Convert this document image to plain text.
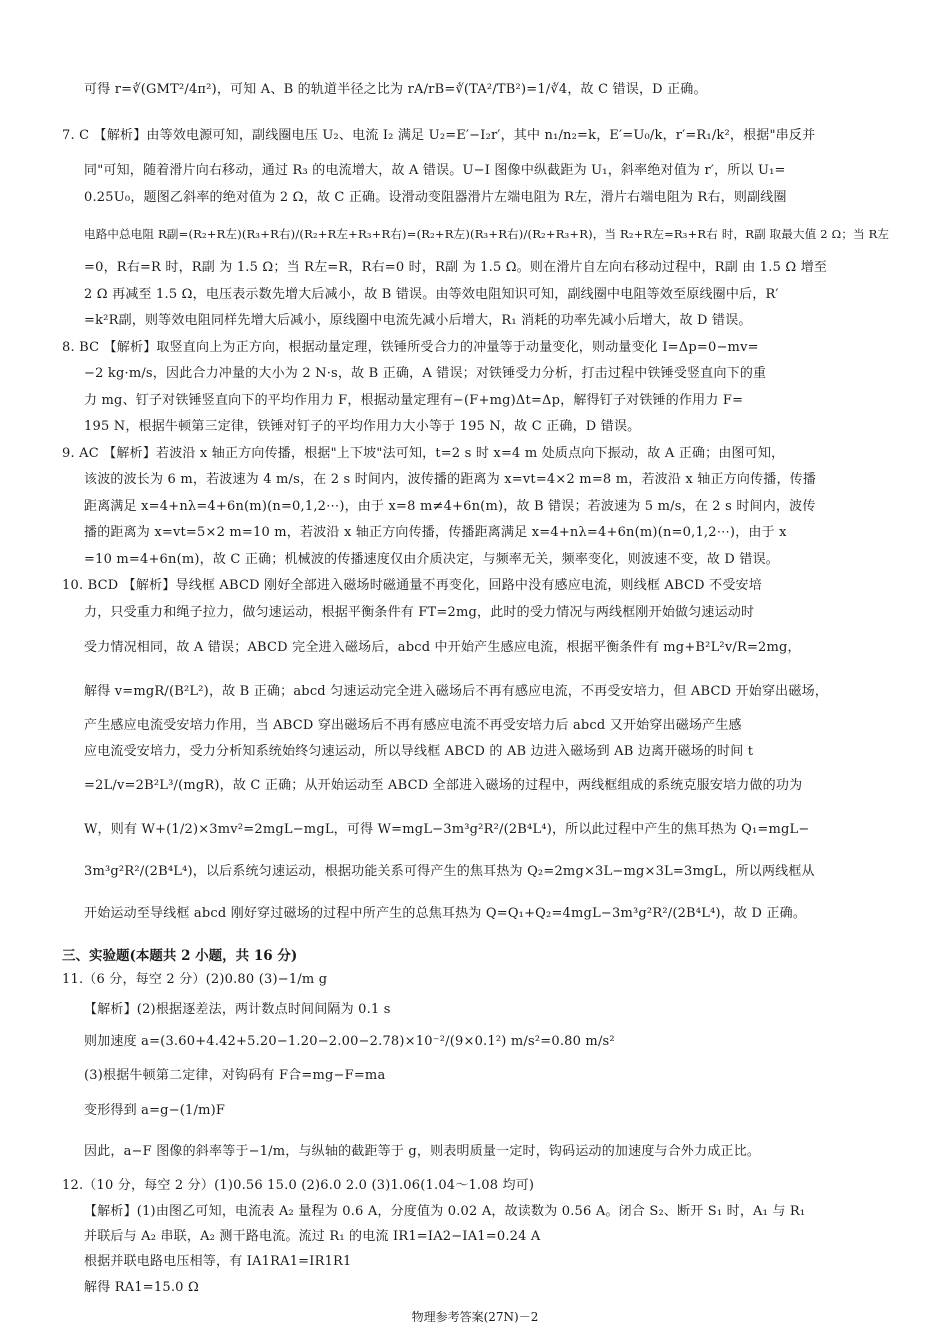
可得 r=∛(GMT²/4π²)，可知 A、B 的轨道半径之比为 rA/rB=∛(TA²/TB²)=1/∛4，故 C 错误，D 正确。
7. C 【解析】由等效电源可知，副线圈电压 U₂、电流 I₂ 满足 U₂=E′−I₂r′，其中 n₁/n₂=k，E′=U₀/k，r′=R₁/k²，根据"串反并
同"可知，随着滑片向右移动，通过 R₃ 的电流增大，故 A 错误。U−I 图像中纵截距为 U₁，斜率绝对值为 r′，所以 U₁=
0.25U₀，题图乙斜率的绝对值为 2 Ω，故 C 正确。设滑动变阻器滑片左端电阻为 R左，滑片右端电阻为 R右，则副线圈
电路中总电阻 R副=(R₂+R左)(R₃+R右)/(R₂+R左+R₃+R右)=(R₂+R左)(R₃+R右)/(R₂+R₃+R)，当 R₂+R左=R₃+R右 时，R副 取最大值 2 Ω；当 R左
=0，R右=R 时，R副 为 1.5 Ω；当 R左=R，R右=0 时，R副 为 1.5 Ω。则在滑片自左向右移动过程中，R副 由 1.5 Ω 增至
2 Ω 再减至 1.5 Ω，电压表示数先增大后减小，故 B 错误。由等效电阻知识可知，副线圈中电阻等效至原线圈中后，R′
=k²R副，则等效电阻同样先增大后减小，原线圈中电流先减小后增大，R₁ 消耗的功率先减小后增大，故 D 错误。
8. BC 【解析】取竖直向上为正方向，根据动量定理，铁锤所受合力的冲量等于动量变化，则动量变化 I=Δp=0−mv=
−2 kg·m/s，因此合力冲量的大小为 2 N·s，故 B 正确，A 错误；对铁锤受力分析，打击过程中铁锤受竖直向下的重
力 mg、钉子对铁锤竖直向下的平均作用力 F，根据动量定理有−(F+mg)Δt=Δp，解得钉子对铁锤的作用力 F=
195 N，根据牛顿第三定律，铁锤对钉子的平均作用力大小等于 195 N，故 C 正确，D 错误。
9. AC 【解析】若波沿 x 轴正方向传播，根据"上下坡"法可知，t=2 s 时 x=4 m 处质点向下振动，故 A 正确；由图可知，
该波的波长为 6 m，若波速为 4 m/s，在 2 s 时间内，波传播的距离为 x=vt=4×2 m=8 m，若波沿 x 轴正方向传播，传播
距离满足 x=4+nλ=4+6n(m)(n=0,1,2⋯)，由于 x=8 m≠4+6n(m)，故 B 错误；若波速为 5 m/s，在 2 s 时间内，波传
播的距离为 x=vt=5×2 m=10 m，若波沿 x 轴正方向传播，传播距离满足 x=4+nλ=4+6n(m)(n=0,1,2⋯)，由于 x
=10 m=4+6n(m)，故 C 正确；机械波的传播速度仅由介质决定，与频率无关，频率变化，则波速不变，故 D 错误。
10. BCD 【解析】导线框 ABCD 刚好全部进入磁场时磁通量不再变化，回路中没有感应电流，则线框 ABCD 不受安培
力，只受重力和绳子拉力，做匀速运动，根据平衡条件有 FT=2mg，此时的受力情况与两线框刚开始做匀速运动时
受力情况相同，故 A 错误；ABCD 完全进入磁场后，abcd 中开始产生感应电流，根据平衡条件有 mg+B²L²v/R=2mg，
解得 v=mgR/(B²L²)，故 B 正确；abcd 匀速运动完全进入磁场后不再有感应电流，不再受安培力，但 ABCD 开始穿出磁场，
产生感应电流受安培力作用，当 ABCD 穿出磁场后不再有感应电流不再受安培力后 abcd 又开始穿出磁场产生感
应电流受安培力，受力分析知系统始终匀速运动，所以导线框 ABCD 的 AB 边进入磁场到 AB 边离开磁场的时间 t
=2L/v=2B²L³/(mgR)，故 C 正确；从开始运动至 ABCD 全部进入磁场的过程中，两线框组成的系统克服安培力做的功为
W，则有 W+(1/2)×3mv²=2mgL−mgL，可得 W=mgL−3m³g²R²/(2B⁴L⁴)，所以此过程中产生的焦耳热为 Q₁=mgL−
3m³g²R²/(2B⁴L⁴)，以后系统匀速运动，根据功能关系可得产生的焦耳热为 Q₂=2mg×3L−mg×3L=3mgL，所以两线框从
开始运动至导线框 abcd 刚好穿过磁场的过程中所产生的总焦耳热为 Q=Q₁+Q₂=4mgL−3m³g²R²/(2B⁴L⁴)，故 D 正确。
11.（6 分，每空 2 分）(2)0.80 (3)−1/m g
【解析】(2)根据逐差法，两计数点时间间隔为 0.1 s
则加速度 a=(3.60+4.42+5.20−1.20−2.00−2.78)×10⁻²/(9×0.1²) m/s²=0.80 m/s²
(3)根据牛顿第二定律，对钩码有 F合=mg−F=ma
变形得到 a=g−(1/m)F
因此，a−F 图像的斜率等于−1/m，与纵轴的截距等于 g，则表明质量一定时，钩码运动的加速度与合外力成正比。
12.（10 分，每空 2 分）(1)0.56 15.0 (2)6.0 2.0 (3)1.06(1.04～1.08 均可)
【解析】(1)由图乙可知，电流表 A₂ 量程为 0.6 A，分度值为 0.02 A，故读数为 0.56 A。闭合 S₂、断开 S₁ 时，A₁ 与 R₁
并联后与 A₂ 串联，A₂ 测干路电流。流过 R₁ 的电流 IR1=IA2−IA1=0.24 A
根据并联电路电压相等，有 IA1RA1=IR1R1
解得 RA1=15.0 Ω
三、实验题(本题共 2 小题，共 16 分)
物理参考答案(27N)－2
